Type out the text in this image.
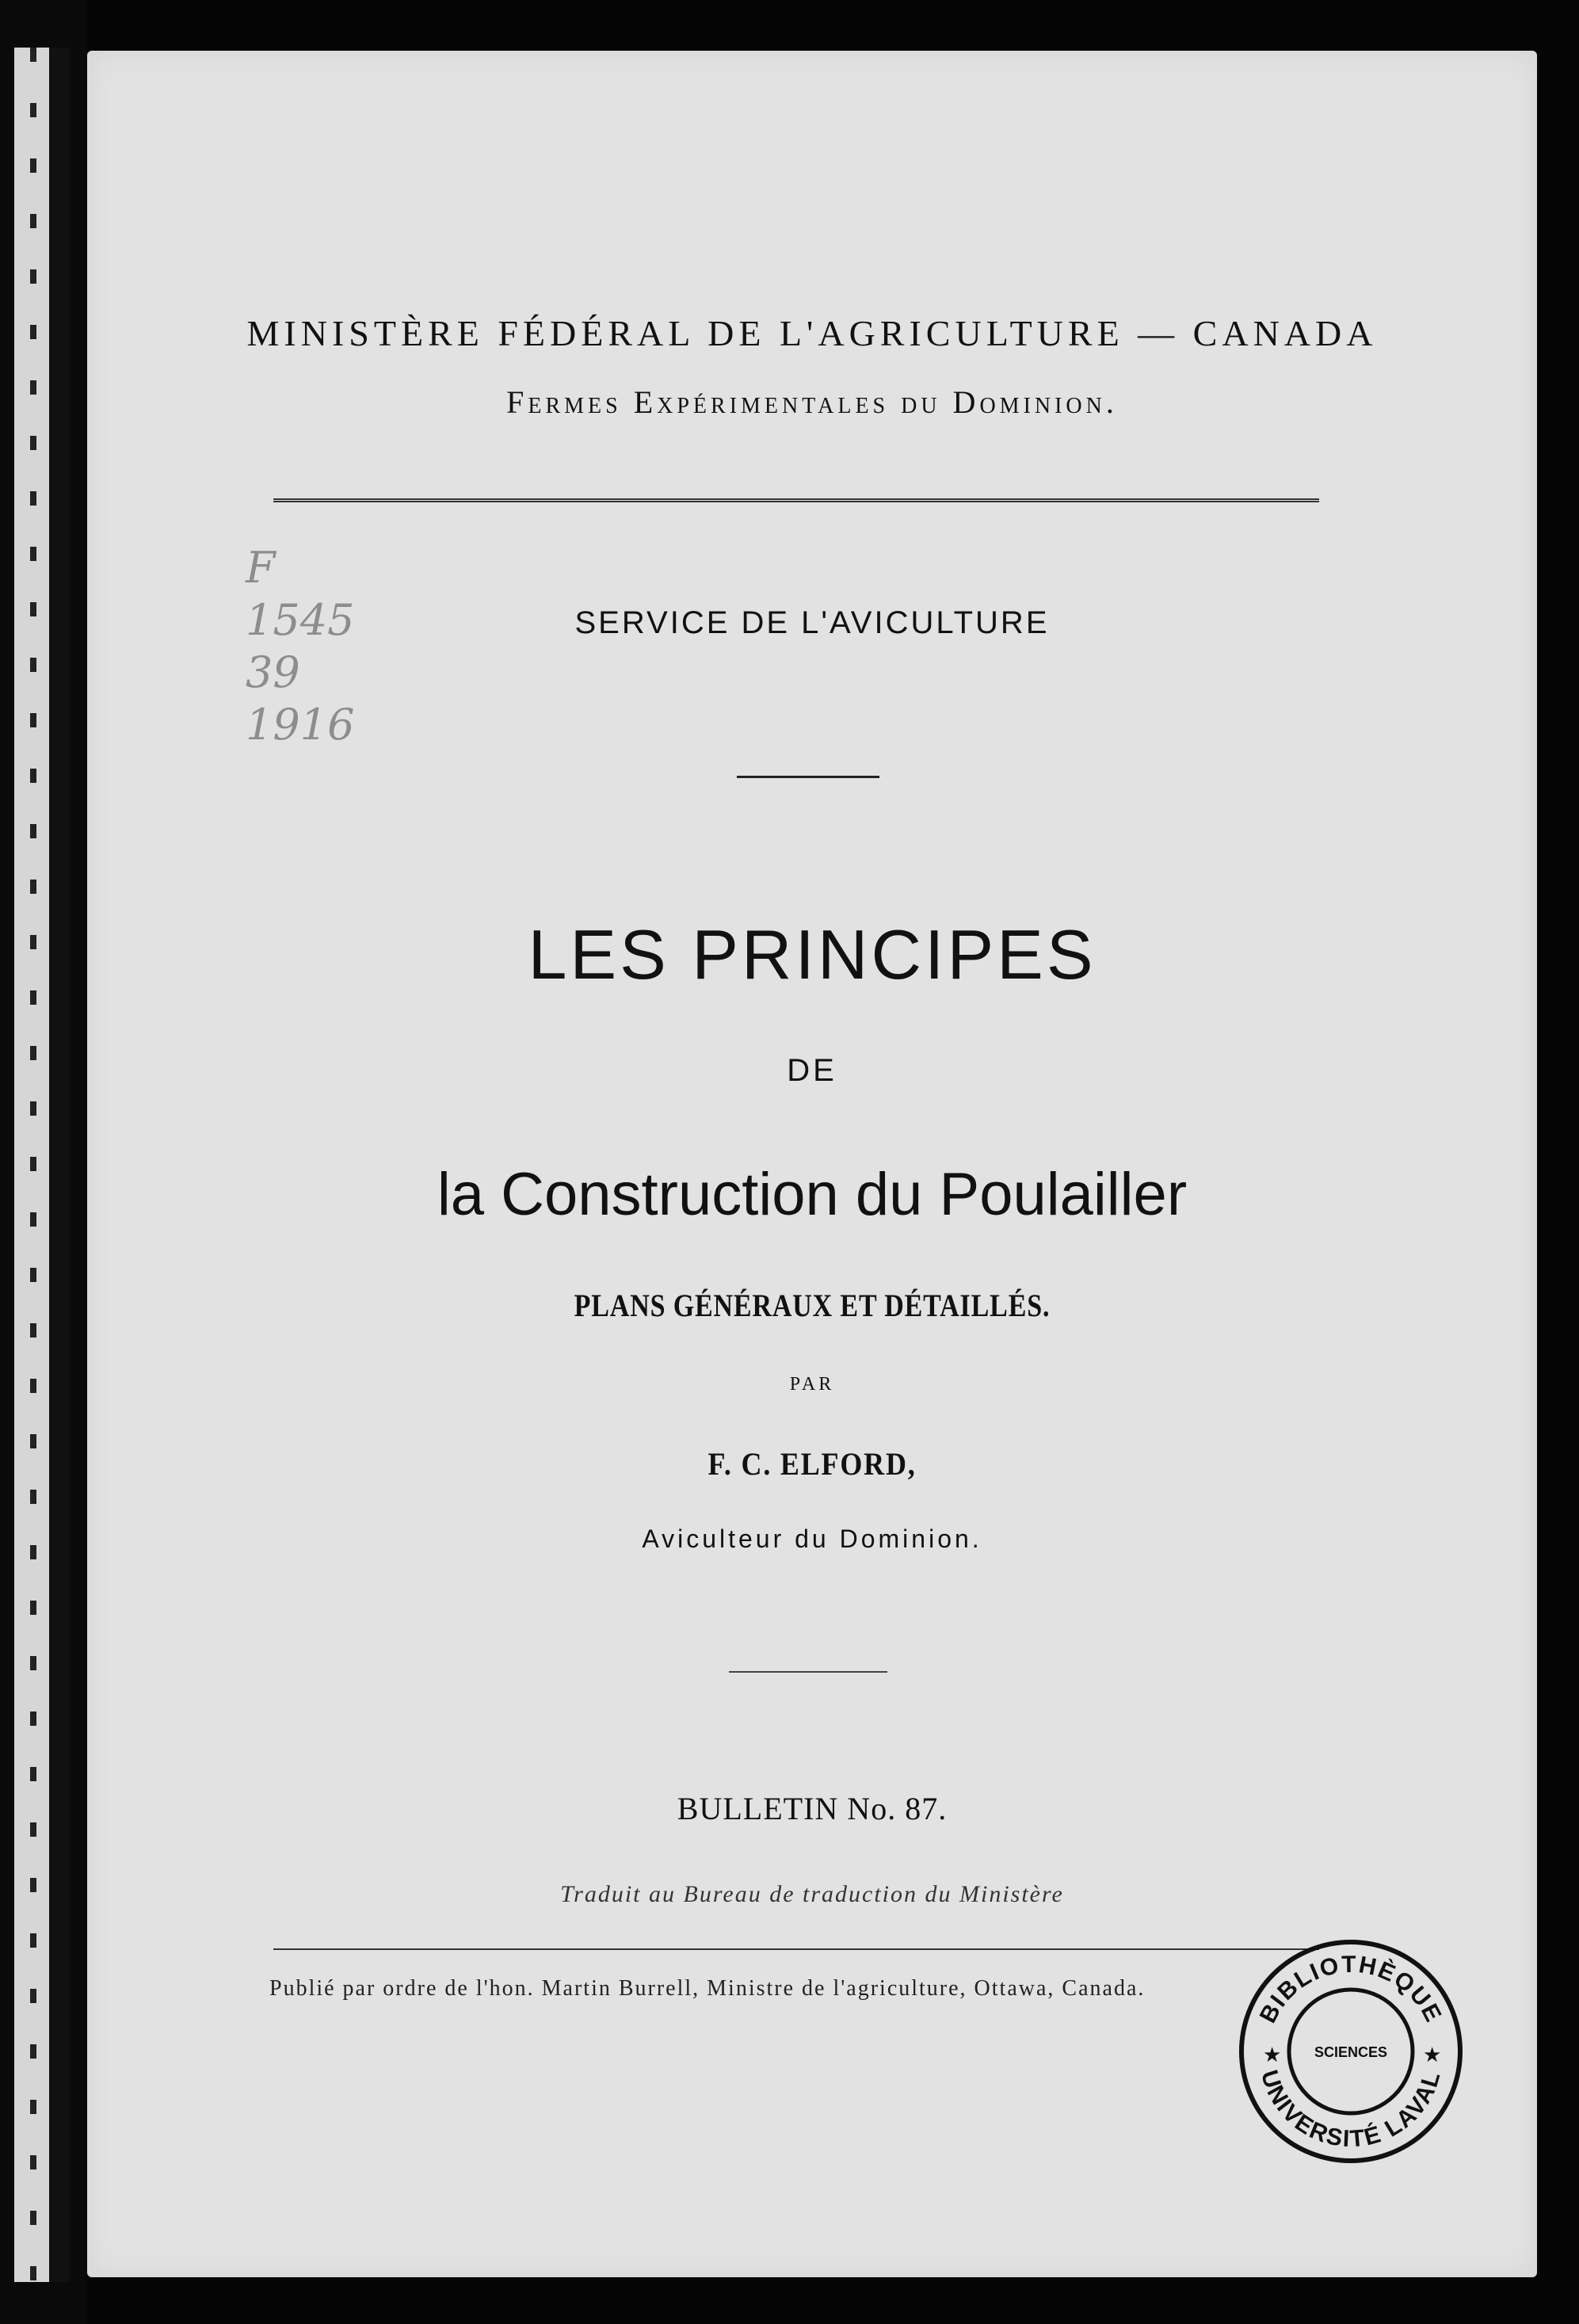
MINISTÈRE FÉDÉRAL DE L'AGRICULTURE — CANADA
Fermes Expérimentales du Dominion.
F
1545
39
1916
SERVICE DE L'AVICULTURE
LES PRINCIPES
DE
la Construction du Poulailler
PLANS GÉNÉRAUX ET DÉTAILLÉS.
PAR
F. C. ELFORD,
Aviculteur du Dominion.
BULLETIN No. 87.
Traduit au Bureau de traduction du Ministère
Publié par ordre de l'hon. Martin Burrell, Ministre de l'agriculture, Ottawa, Canada.
BIBLIOTHÈQUE
UNIVERSITÉ LAVAL
SCIENCES
★	★
